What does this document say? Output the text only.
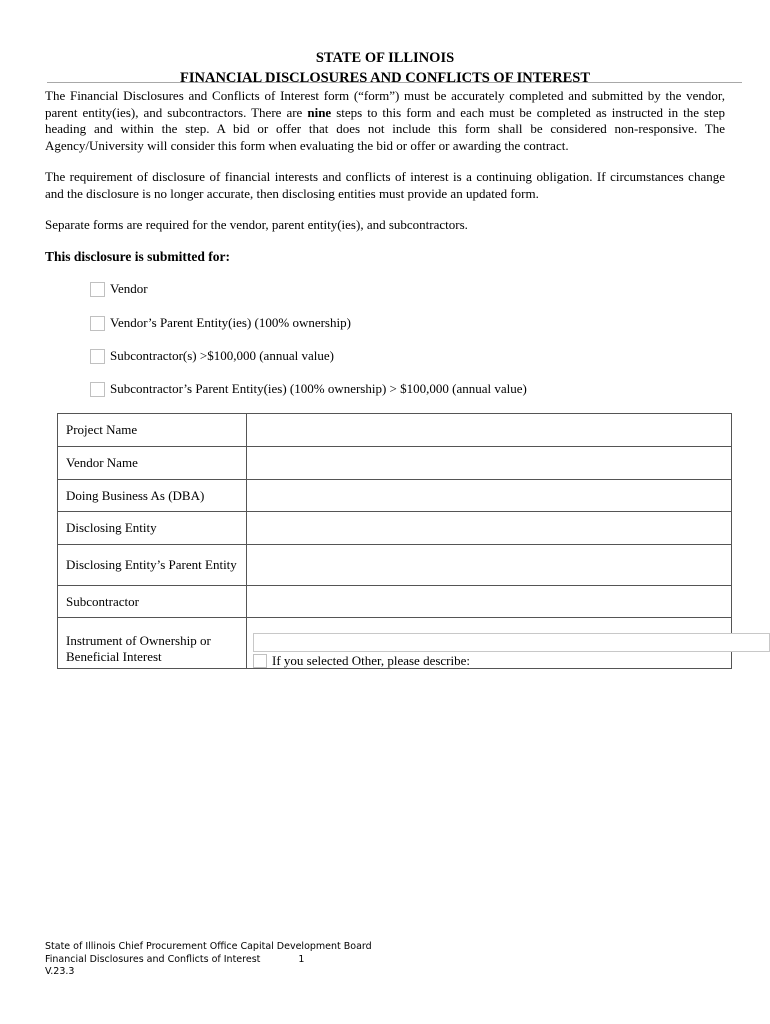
STATE OF ILLINOIS
FINANCIAL DISCLOSURES AND CONFLICTS OF INTEREST
The Financial Disclosures and Conflicts of Interest form (“form”) must be accurately completed and submitted by the vendor, parent entity(ies), and subcontractors. There are nine steps to this form and each must be completed as instructed in the step heading and within the step. A bid or offer that does not include this form shall be considered non-responsive. The Agency/University will consider this form when evaluating the bid or offer or awarding the contract.
The requirement of disclosure of financial interests and conflicts of interest is a continuing obligation. If circumstances change and the disclosure is no longer accurate, then disclosing entities must provide an updated form.
Separate forms are required for the vendor, parent entity(ies), and subcontractors.
This disclosure is submitted for:
Vendor
Vendor’s Parent Entity(ies) (100% ownership)
Subcontractor(s) >$100,000 (annual value)
Subcontractor’s Parent Entity(ies) (100% ownership) > $100,000 (annual value)
Project Name	
Vendor Name	
Doing Business As (DBA)	
Disclosing Entity	
Disclosing Entity’s Parent Entity	
Subcontractor	
Instrument of Ownership or Beneficial Interest		If you selected Other, please describe:
State of Illinois Chief Procurement Office Capital Development Board
Financial Disclosures and Conflicts of Interest	1
V.23.3
